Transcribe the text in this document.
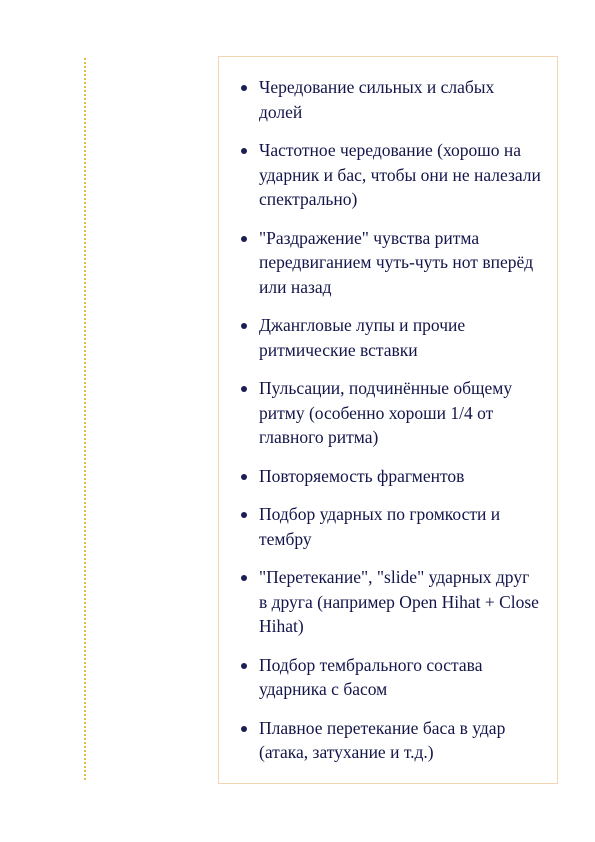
Чередование сильных и слабых долей
Частотное чередование (хорошо на ударник и бас, чтобы они не налезали спектрально)
"Раздражение" чувства ритма передвиганием чуть-чуть нот вперёд или назад
Джангловые лупы и прочие ритмические вставки
Пульсации, подчинённые общему ритму (особенно хороши 1/4 от главного ритма)
Повторяемость фрагментов
Подбор ударных по громкости и тембру
"Перетекание", "slide" ударных друг в друга (например Open Hihat + Close Hihat)
Подбор тембрального состава ударника с басом
Плавное перетекание баса в удар (атака, затухание и т.д.)
